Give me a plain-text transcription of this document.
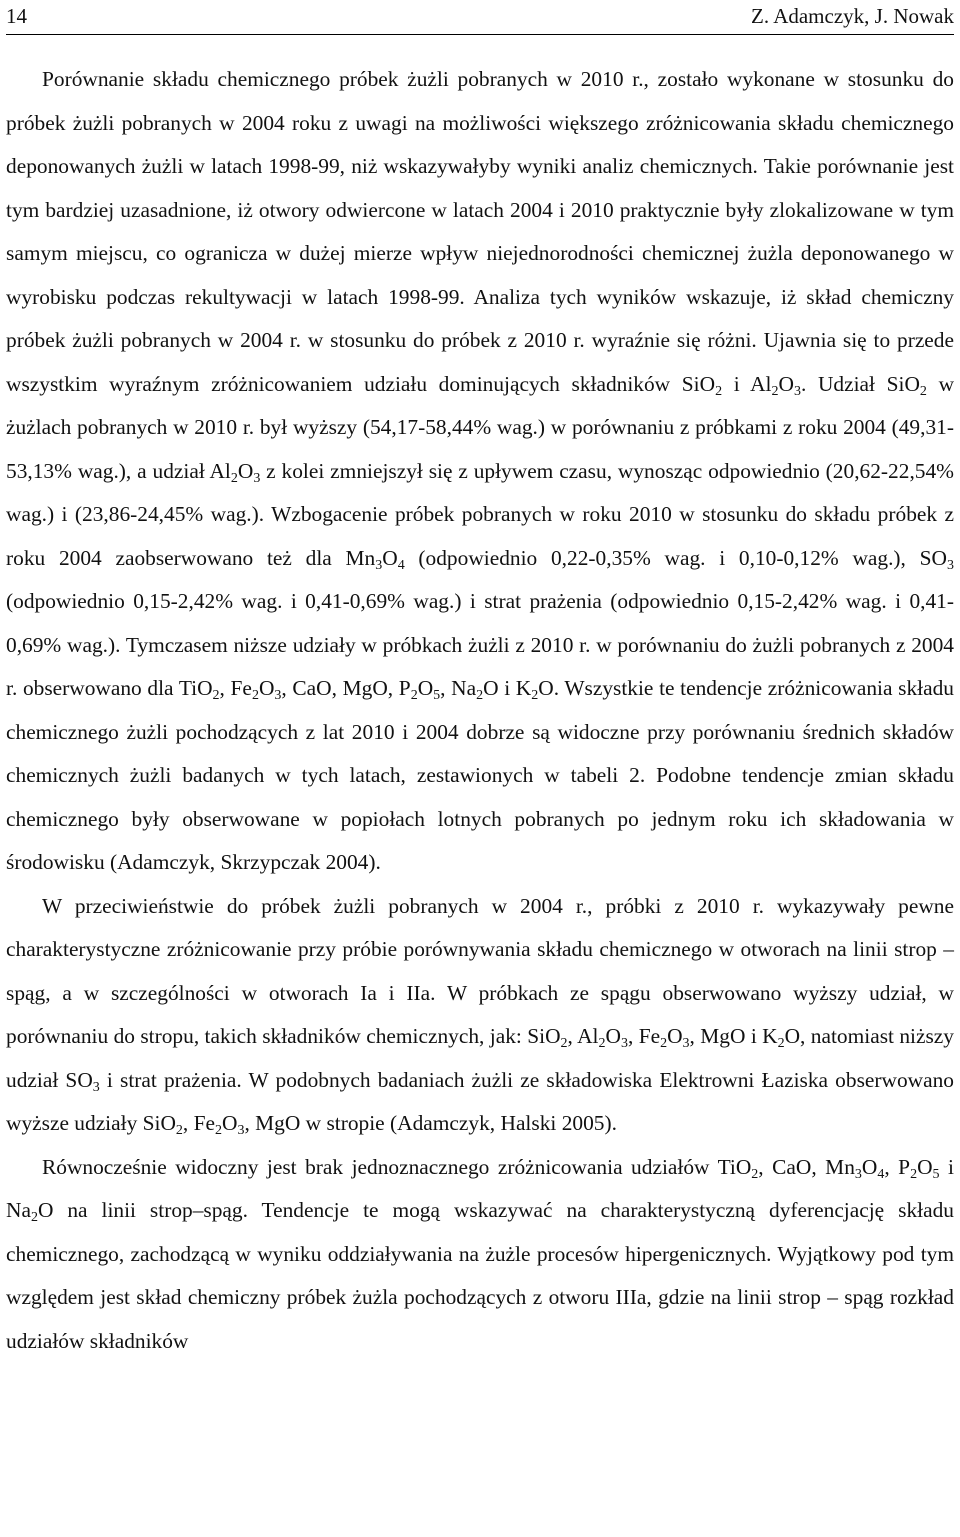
14	Z. Adamczyk, J. Nowak

Porównanie składu chemicznego próbek żużli pobranych w 2010 r., zostało wykonane w stosunku do próbek żużli pobranych w 2004 roku z uwagi na możliwości większego zróżnicowania składu chemicznego deponowanych żużli w latach 1998-99, niż wskazywałyby wyniki analiz chemicznych. Takie porównanie jest tym bardziej uzasadnione, iż otwory odwiercone w latach 2004 i 2010 praktycznie były zlokalizowane w tym samym miejscu, co ogranicza w dużej mierze wpływ niejednorodności chemicznej żużla deponowanego w wyrobisku podczas rekultywacji w latach 1998-99. Analiza tych wyników wskazuje, iż skład chemiczny próbek żużli pobranych w 2004 r. w stosunku do próbek z 2010 r. wyraźnie się różni. Ujawnia się to przede wszystkim wyraźnym zróżnicowaniem udziału dominujących składników SiO$_2$ i $Al_2O_3$. Udział SiO$_2$ w żużlach pobranych w 2010 r. był wyższy (54,17-58,44% wag.) w porównaniu z próbkami z roku 2004 (49,31-53,13% wag.), a udział $Al_2O_3$ z kolei zmniejszył się z upływem czasu, wynosząc odpowiednio (20,62-22,54% wag.) i (23,86-24,45% wag.). Wzbogacenie próbek pobranych w roku 2010 w stosunku do składu próbek z roku 2004 zaobserwowano też dla $Mn_3O_4$ (odpowiednio 0,22-0,35% wag. i 0,10-0,12% wag.), $SO_3$ (odpowiednio 0,15-2,42% wag. i 0,41-0,69% wag.) i strat prażenia (odpowiednio 0,15-2,42% wag. i 0,41-0,69% wag.). Tymczasem niższe udziały w próbkach żużli z 2010 r. w porównaniu do żużli pobranych z 2004 r. obserwowano dla TiO$_2$, $Fe_2O_3$, CaO, MgO, $P_2O_5$, $Na_2O$ i $K_2O$. Wszystkie te tendencje zróżnicowania składu chemicznego żużli pochodzących z lat 2010 i 2004 dobrze są widoczne przy porównaniu średnich składów chemicznych żużli badanych w tych latach, zestawionych w tabeli 2. Podobne tendencje zmian składu chemicznego były obserwowane w popiołach lotnych pobranych po jednym roku ich składowania w środowisku (Adamczyk, Skrzypczak 2004).

W przeciwieństwie do próbek żużli pobranych w 2004 r., próbki z 2010 r. wykazywały pewne charakterystyczne zróżnicowanie przy próbie porównywania składu chemicznego w otworach na linii strop – spąg, a w szczególności w otworach Ia i IIa. W próbkach ze spągu obserwowano wyższy udział, w porównaniu do stropu, takich składników chemicznych, jak: SiO$_2$, $Al_2O_3$, $Fe_2O_3$, MgO i $K_2O$, natomiast niższy udział $SO_3$ i strat prażenia. W podobnych badaniach żużli ze składowiska Elektrowni Łaziska obserwowano wyższe udziały SiO$_2$, $Fe_2O_3$, MgO w stropie (Adamczyk, Halski 2005).

Równocześnie widoczny jest brak jednoznacznego zróżnicowania udziałów TiO$_2$, CaO, $Mn_3O_4$, $P_2O_5$ i $Na_2O$ na linii strop–spąg. Tendencje te mogą wskazywać na charakterystyczną dyferencjację składu chemicznego, zachodzącą w wyniku oddziaływania na żużle procesów hipergenicznych. Wyjątkowy pod tym względem jest skład chemiczny próbek żużla pochodzących z otworu IIIa, gdzie na linii strop – spąg rozkład udziałów składników
